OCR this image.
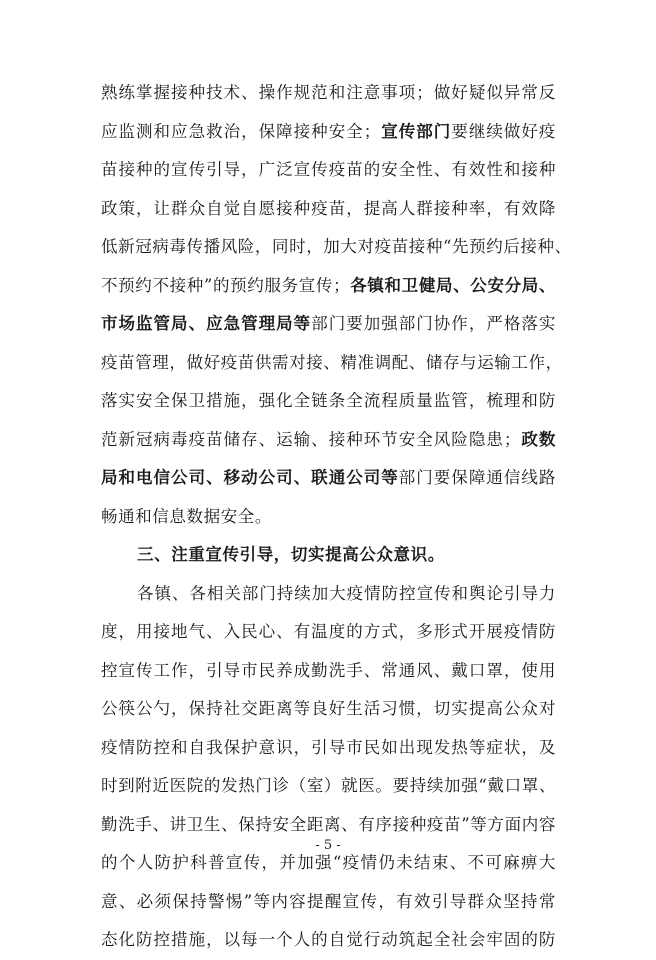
熟练掌握接种技术、操作规范和注意事项；做好疑似异常反
应监测和应急救治，保障接种安全；宣传部门要继续做好疫
苗接种的宣传引导，广泛宣传疫苗的安全性、有效性和接种
政策，让群众自觉自愿接种疫苗，提高人群接种率，有效降
低新冠病毒传播风险，同时，加大对疫苗接种“先预约后接种、
不预约不接种”的预约服务宣传；各镇和卫健局、公安分局、
市场监管局、应急管理局等部门要加强部门协作，严格落实
疫苗管理，做好疫苗供需对接、精准调配、储存与运输工作，
落实安全保卫措施，强化全链条全流程质量监管，梳理和防
范新冠病毒疫苗储存、运输、接种环节安全风险隐患；政数
局和电信公司、移动公司、联通公司等部门要保障通信线路
畅通和信息数据安全。
三、注重宣传引导，切实提高公众意识。
各镇、各相关部门持续加大疫情防控宣传和舆论引导力
度，用接地气、入民心、有温度的方式，多形式开展疫情防
控宣传工作，引导市民养成勤洗手、常通风、戴口罩，使用
公筷公勺，保持社交距离等良好生活习惯，切实提高公众对
疫情防控和自我保护意识，引导市民如出现发热等症状，及
时到附近医院的发热门诊（室）就医。要持续加强“戴口罩、
勤洗手、讲卫生、保持安全距离、有序接种疫苗”等方面内容
的个人防护科普宣传，并加强“疫情仍未结束、不可麻痹大
意、必须保持警惕”等内容提醒宣传，有效引导群众坚持常
态化防控措施，以每一个人的自觉行动筑起全社会牢固的防
- 5 -
